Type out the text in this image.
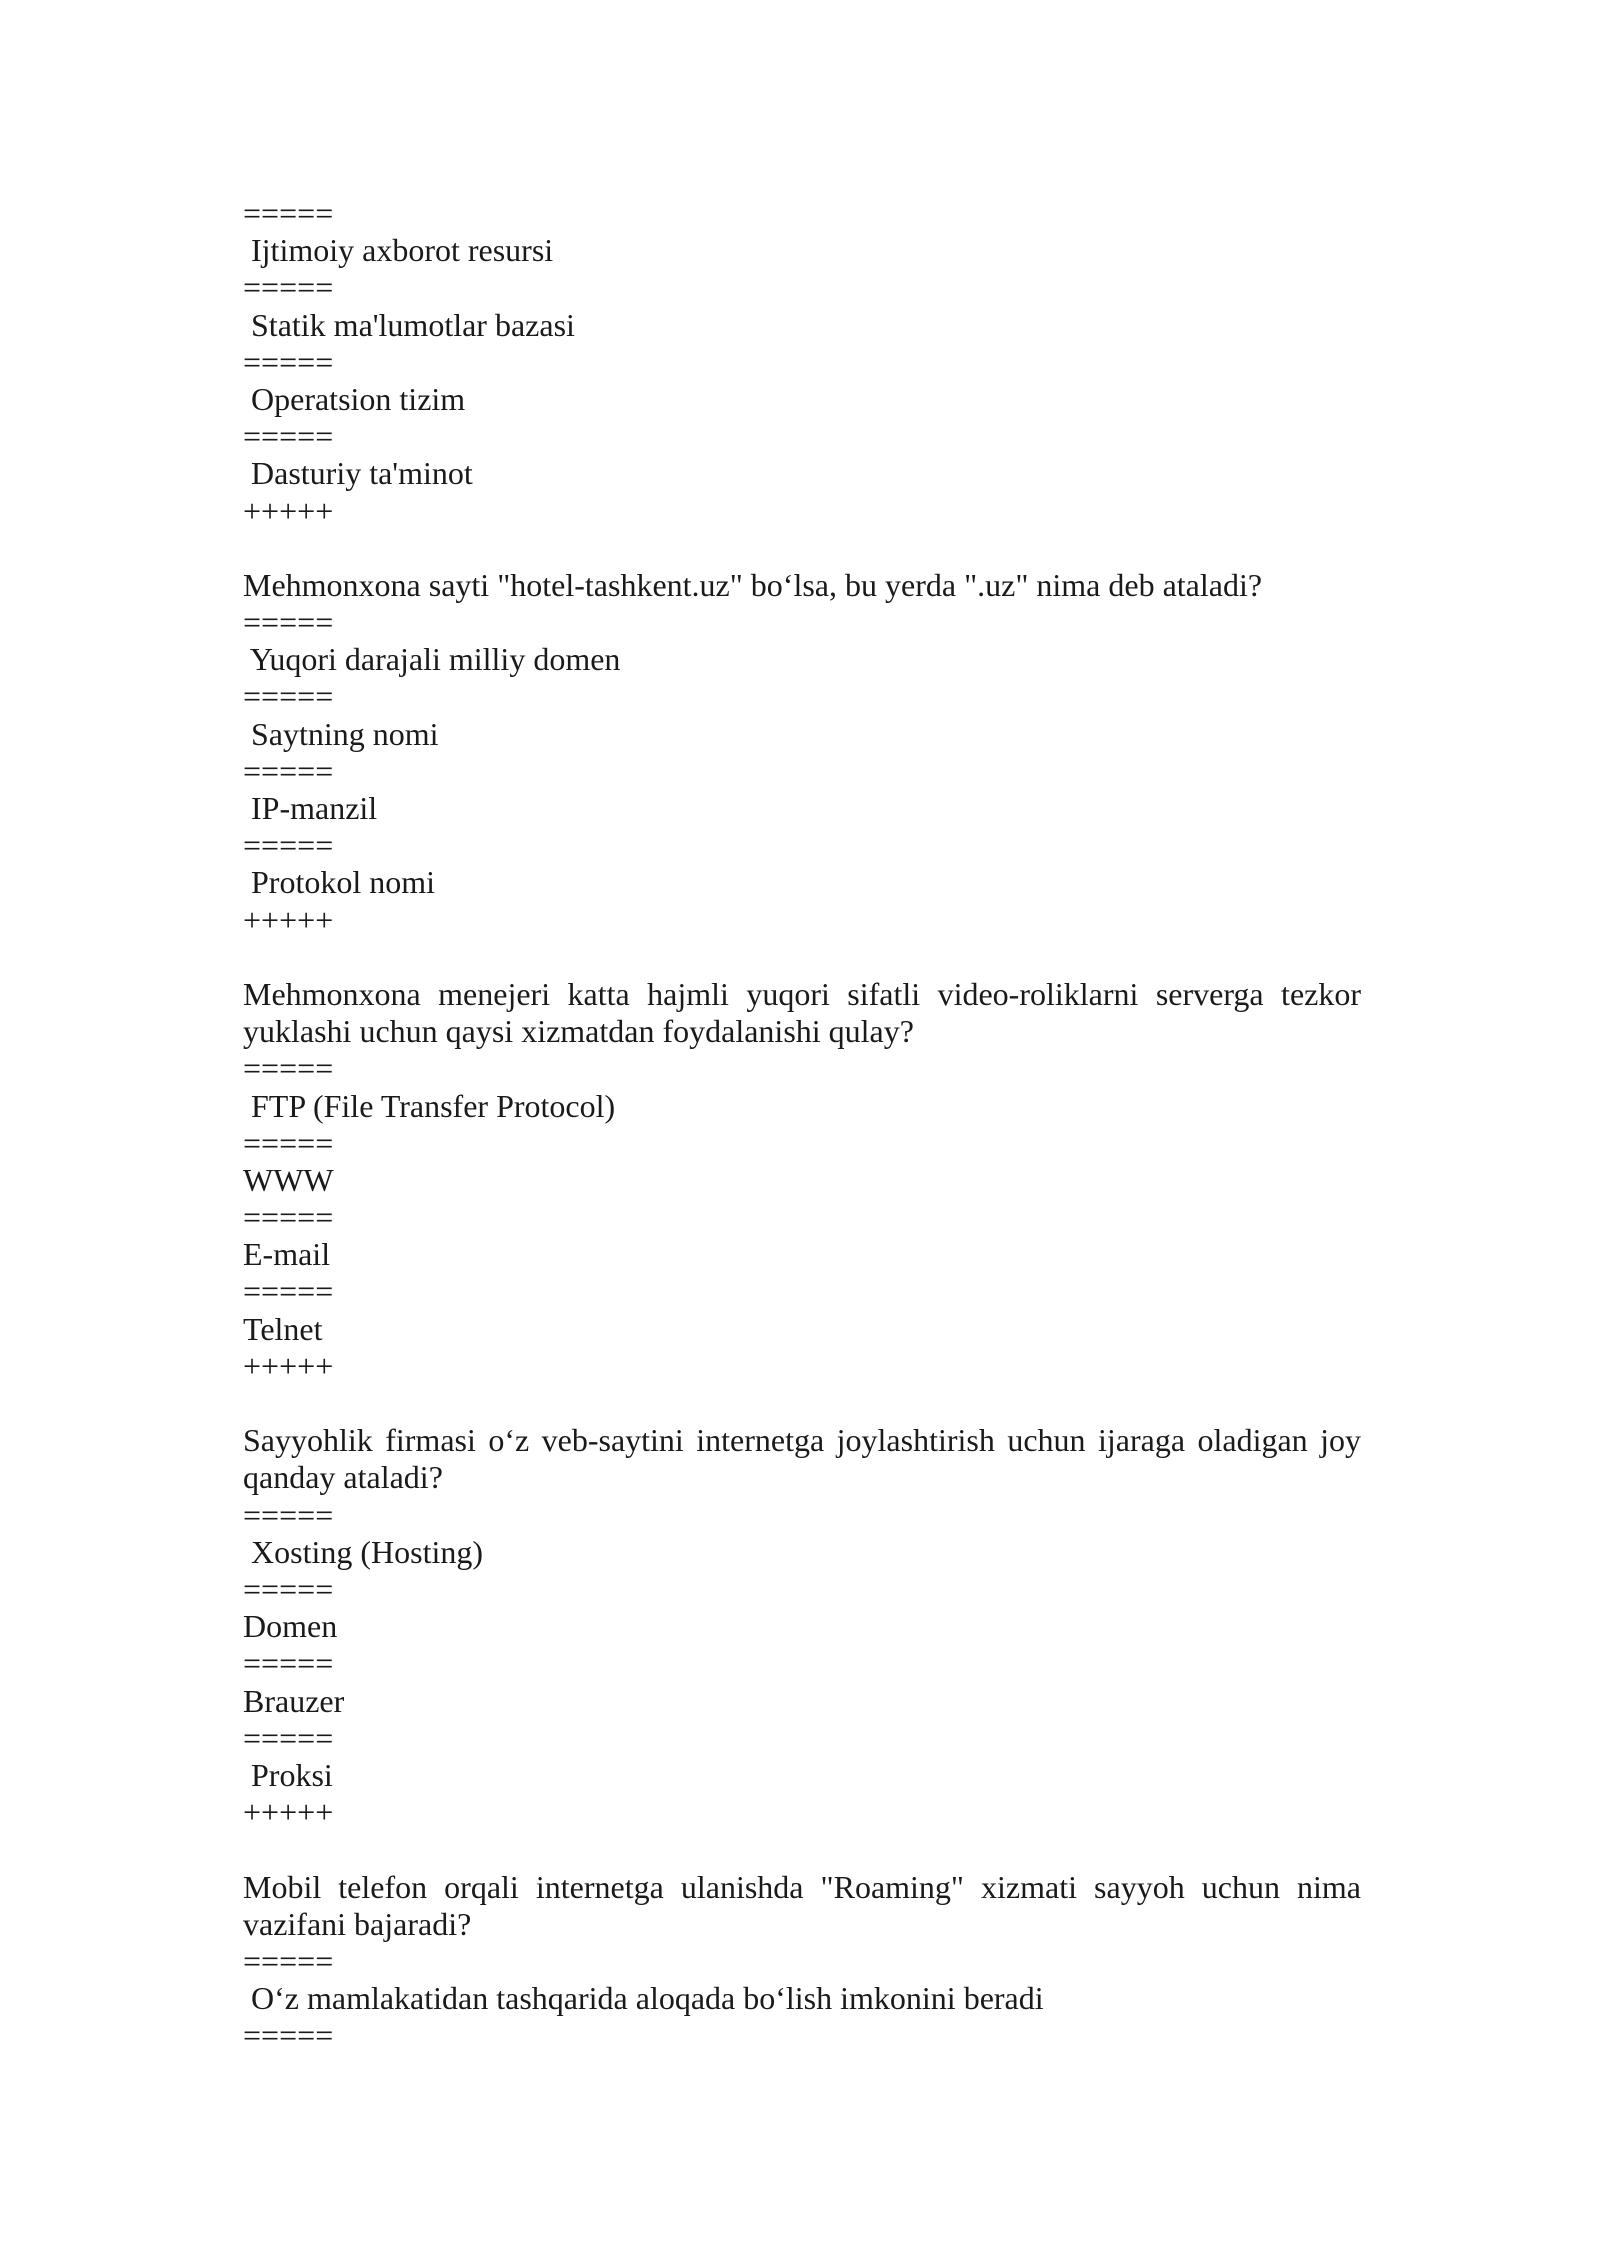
=====
Ijtimoiy axborot resursi
=====
Statik ma'lumotlar bazasi
=====
Operatsion tizim
=====
Dasturiy ta'minot
+++++
Mehmonxona sayti "hotel-tashkent.uz" bo‘lsa, bu yerda ".uz" nima deb ataladi?
=====
Yuqori darajali milliy domen
=====
Saytning nomi
=====
IP-manzil
=====
Protokol nomi
+++++
Mehmonxona menejeri katta hajmli yuqori sifatli video-roliklarni serverga tezkor yuklashi uchun qaysi xizmatdan foydalanishi qulay?
=====
FTP (File Transfer Protocol)
=====
WWW
=====
E-mail
=====
Telnet
+++++
Sayyohlik firmasi o‘z veb-saytini internetga joylashtirish uchun ijaraga oladigan joy qanday ataladi?
=====
Xosting (Hosting)
=====
Domen
=====
Brauzer
=====
Proksi
+++++
Mobil telefon orqali internetga ulanishda "Roaming" xizmati sayyoh uchun nima vazifani bajaradi?
=====
O‘z mamlakatidan tashqarida aloqada bo‘lish imkonini beradi
=====
